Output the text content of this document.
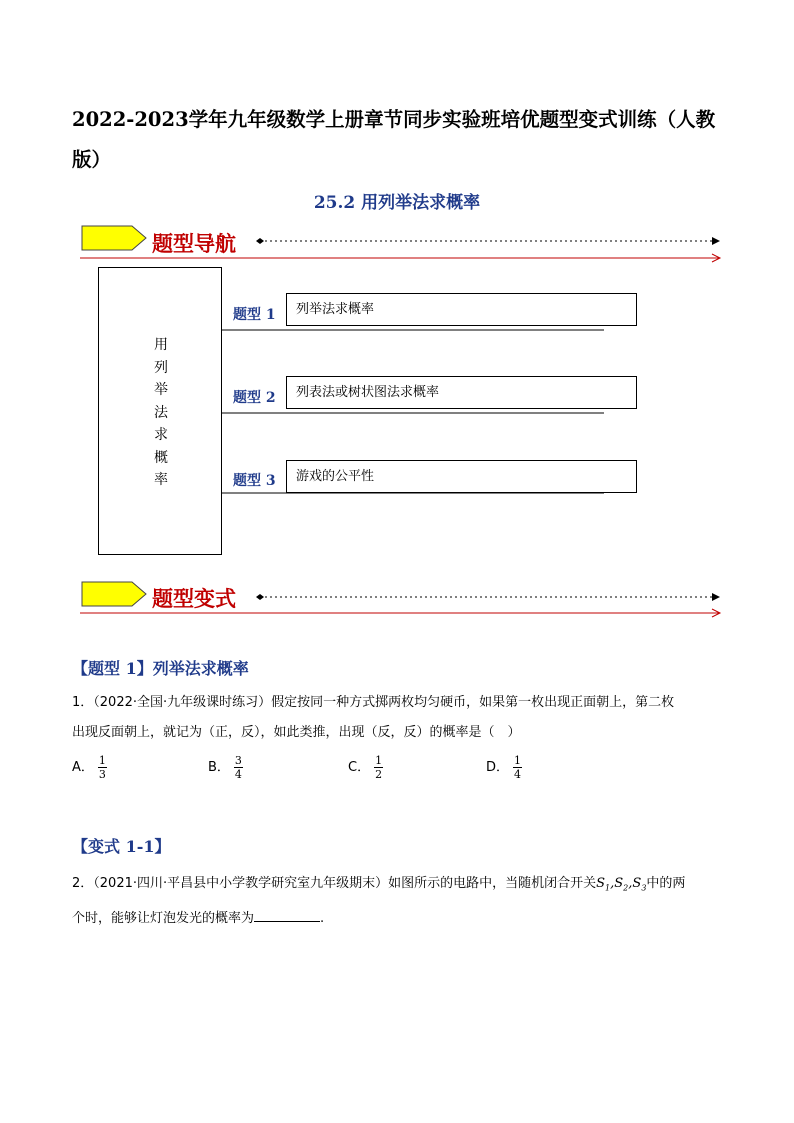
2022-2023学年九年级数学上册章节同步实验班培优题型变式训练（人教版）
25.2 用列举法求概率
题型导航
用
列
举
法
求
概
率
题型 1	列举法求概率
题型 2	列表法或树状图法求概率
题型 3	游戏的公平性
题型变式
【题型 1】列举法求概率
1．（2022·全国·九年级课时练习）假定按同一种方式掷两枚均匀硬币，如果第一枚出现正面朝上，第二枚
出现反面朝上，就记为（正，反），如此类推，出现（反，反）的概率是（　）
A． $\frac{1}{3}$	B． $\frac{3}{4}$	C． $\frac{1}{2}$	D． $\frac{1}{4}$
【变式 1-1】
2．（2021·四川·平昌县中小学教学研究室九年级期末）如图所示的电路中，当随机闭合开关$S_1,S_2,S_3$中的两
个时，能够让灯泡发光的概率为	.
